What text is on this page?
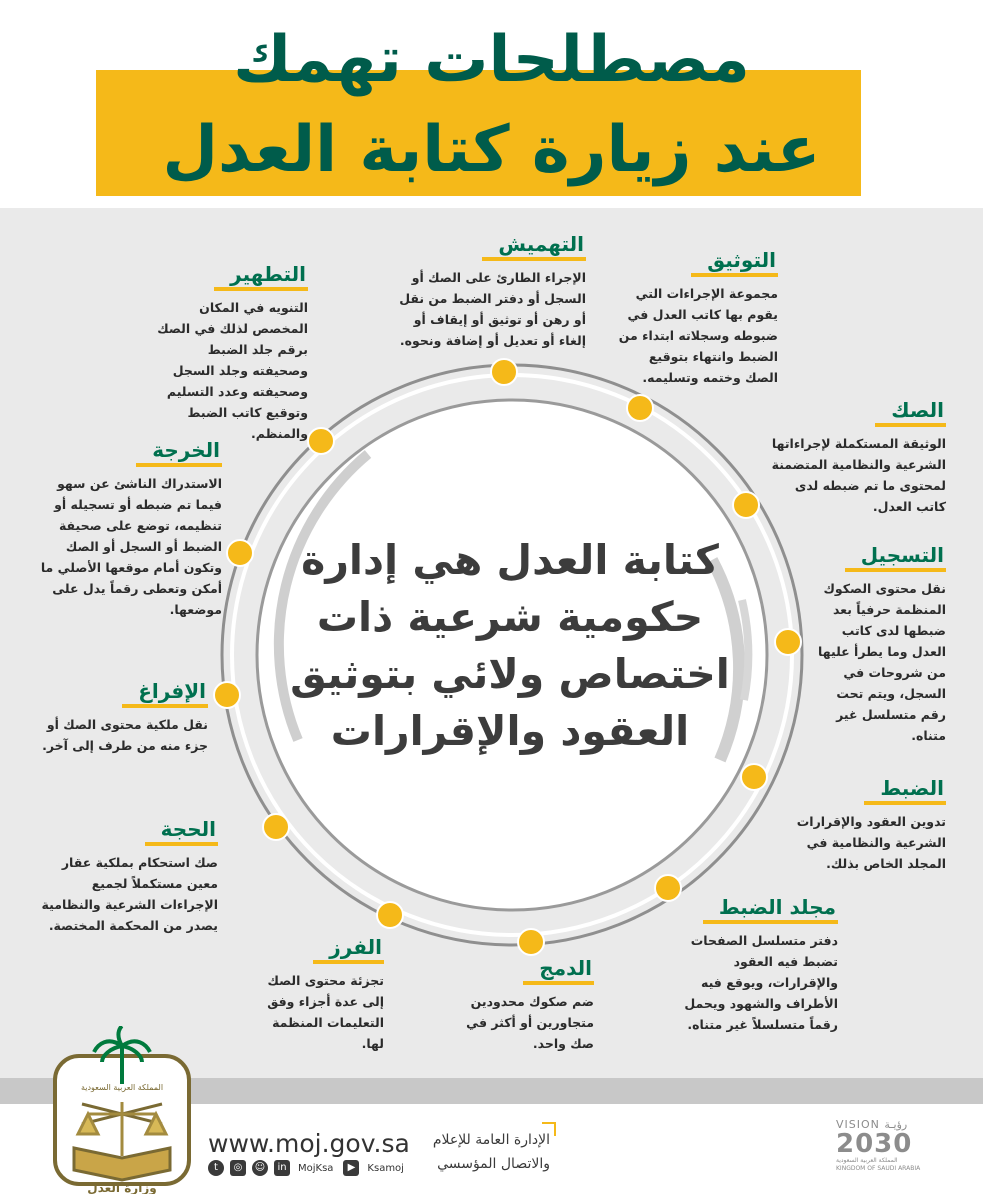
مصطلحات تهمك
عند زيارة كتابة العدل
كتابة العدل هي إدارة
حكومية شرعية ذات
اختصاص ولائي بتوثيق
العقود والإقرارات
التهميش
الإجراء الطارئ على الصك أو السجل أو دفتر الضبط من نقل أو رهن أو توثيق أو إيقاف أو إلغاء أو تعديل أو إضافة ونحوه.
التوثيق
مجموعة الإجراءات التي يقوم بها كاتب العدل في ضبوطه وسجلاته ابتداء من الضبط وانتهاء بتوقيع الصك وختمه وتسليمه.
الصك
الوثيقة المستكملة لإجراءاتها الشرعية والنظامية المتضمنة لمحتوى ما تم ضبطه لدى كاتب العدل.
التسجيل
نقل محتوى الصكوك المنظمة حرفياً بعد ضبطها لدى كاتب العدل وما يطرأ عليها من شروحات في السجل، ويتم تحت رقم متسلسل غير متناه.
الضبط
تدوين العقود والإقرارات الشرعية والنظامية في المجلد الخاص بذلك.
مجلد الضبط
دفتر متسلسل الصفحات تضبط فيه العقود والإقرارات، ويوقع فيه الأطراف والشهود ويحمل رقماً متسلسلاً غير متناه.
الدمج
ضم صكوك محدودين متجاورين أو أكثر في صك واحد.
الفرز
تجزئة محتوى الصك إلى عدة أجزاء وفق التعليمات المنظمة لها.
الحجة
صك استحكام بملكية عقار معين مستكملاً لجميع الإجراءات الشرعية والنظامية يصدر من المحكمة المختصة.
الإفراغ
نقل ملكية محتوى الصك أو جزء منه من طرف إلى آخر.
الخرجة
الاستدراك الناشئ عن سهو فيما تم ضبطه أو تسجيله أو تنظيمه، توضع على صحيفة الضبط أو السجل أو الصك وتكون أمام موقعها الأصلي ما أمكن وتعطى رقماً يدل على موضعها.
التطهير
التنويه في المكان المخصص لذلك في الصك برقم جلد الضبط وصحيفته وجلد السجل وصحيفته وعدد التسليم وتوقيع كاتب الضبط والمنظم.
المملكة العربية السعودية
وزارة العدل
www.moj.gov.sa
t	◎	☺	in	MojKsa	▶	Ksamoj
الإدارة العامة للإعلام
والاتصال المؤسسي
VISION رؤيـة
2030
المملكة العربية السعودية
KINGDOM OF SAUDI ARABIA
